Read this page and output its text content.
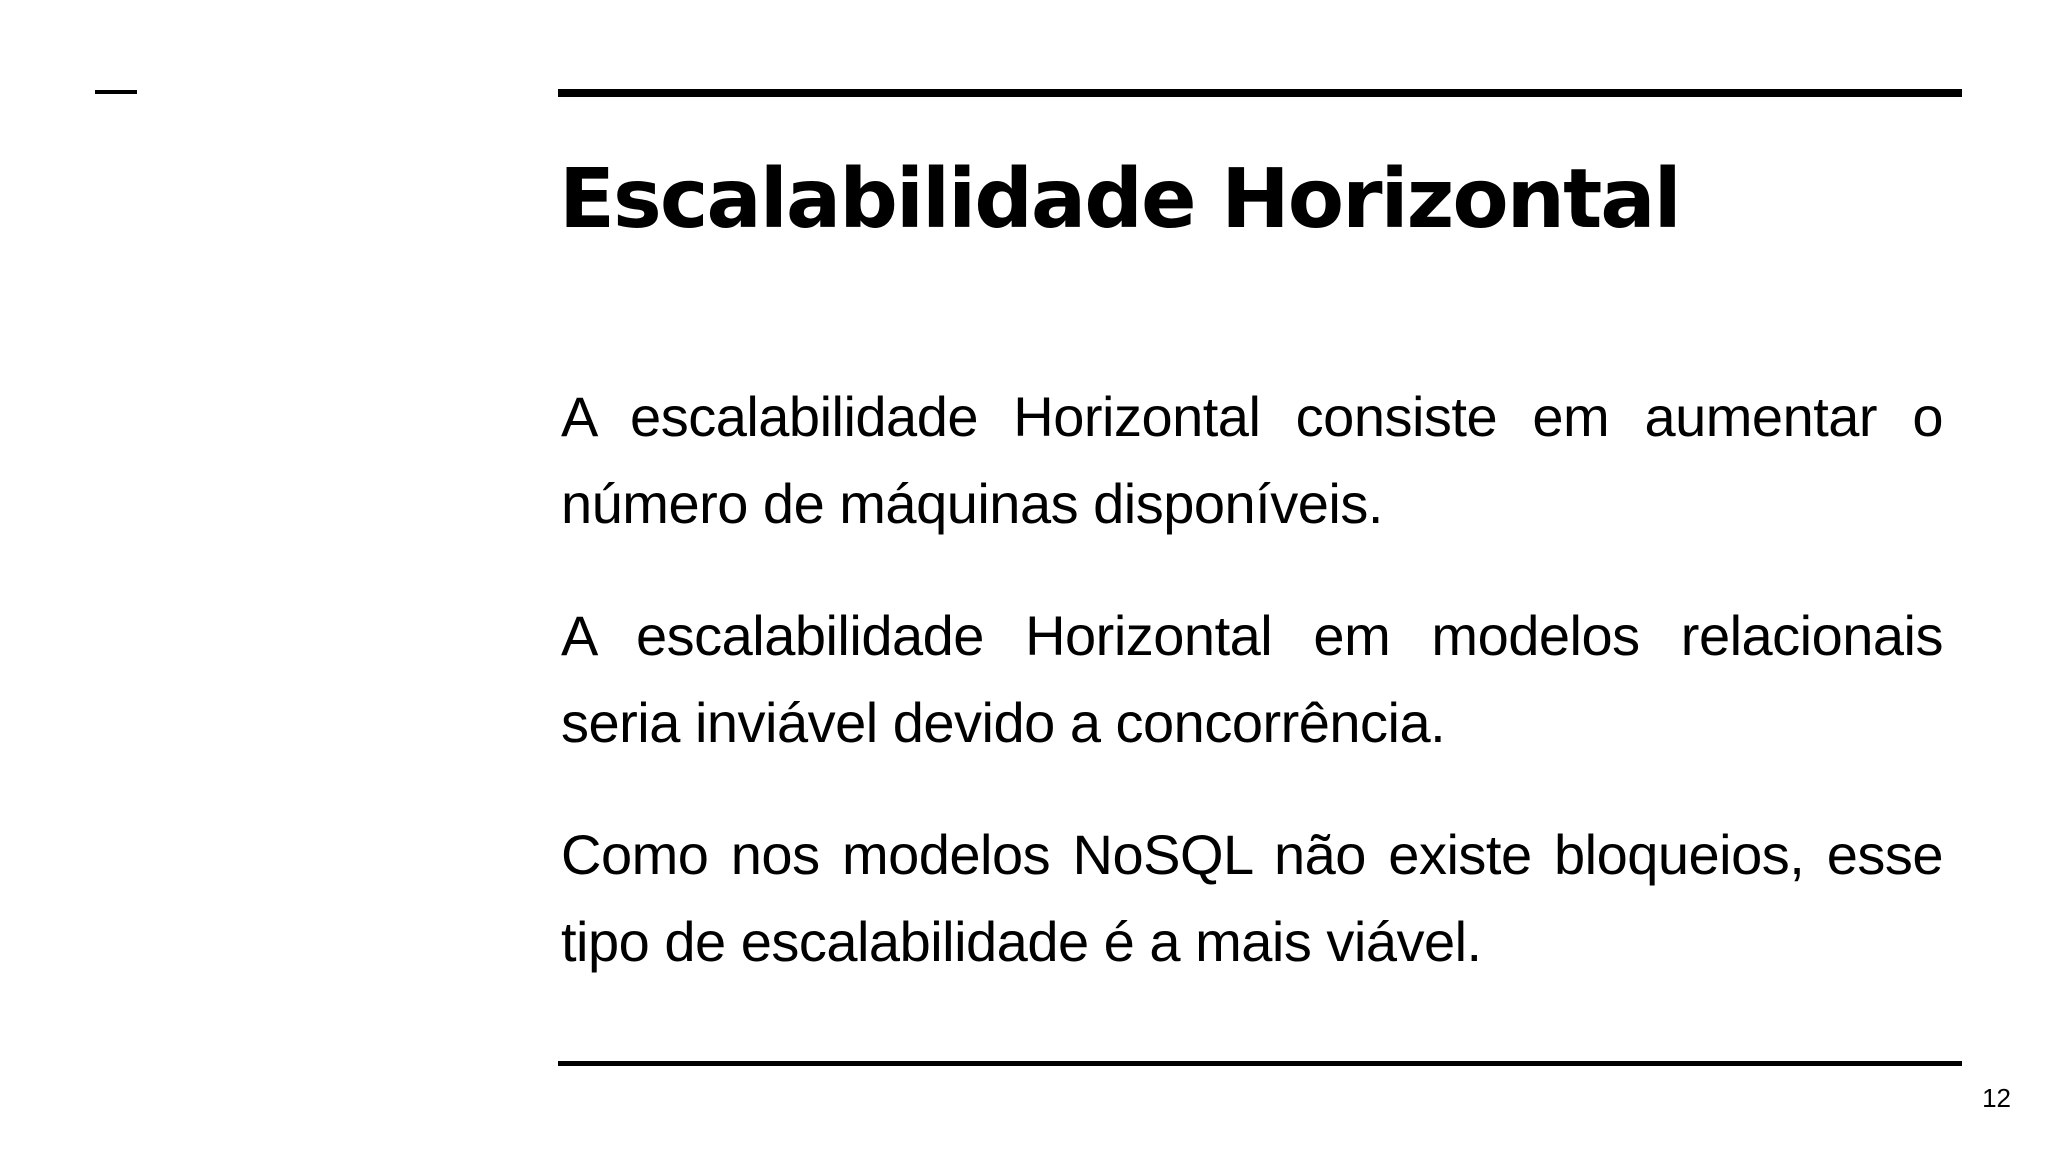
Escalabilidade Horizontal

A escalabilidade Horizontal consiste em aumentar o número de máquinas disponíveis.

A escalabilidade Horizontal em modelos relacionais seria inviável devido a concorrência.

Como nos modelos NoSQL não existe bloqueios, esse tipo de escalabilidade é a mais viável.

12
